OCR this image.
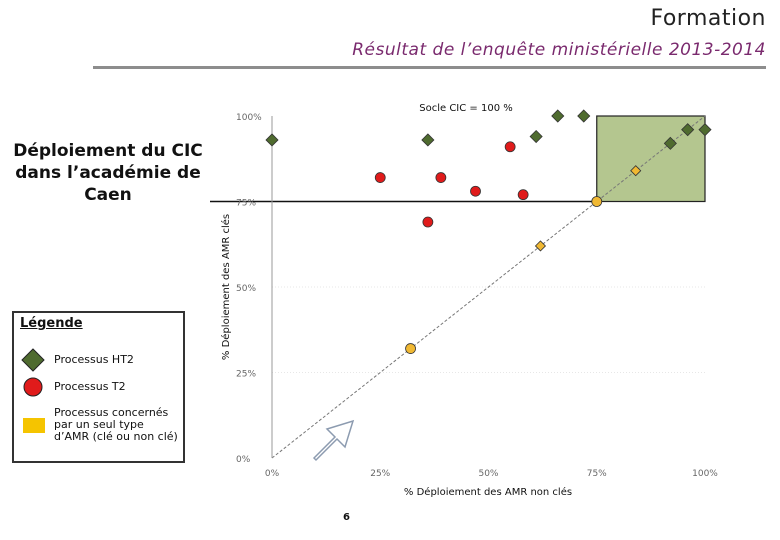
Formation
Résultat de l’enquête ministérielle 2013-2014
Déploiement du CIC
dans l’académie de
Caen
Légende
Processus HT2
Processus T2
Processus concernés
par un seul type
d’AMR (clé ou non clé)
0%
25%
50%
75%
100%
0%	25%	50%	75%	100%
Socle CIC = 100 %
% Déploiement des AMR non clés
% Déploiement des AMR clés
6
